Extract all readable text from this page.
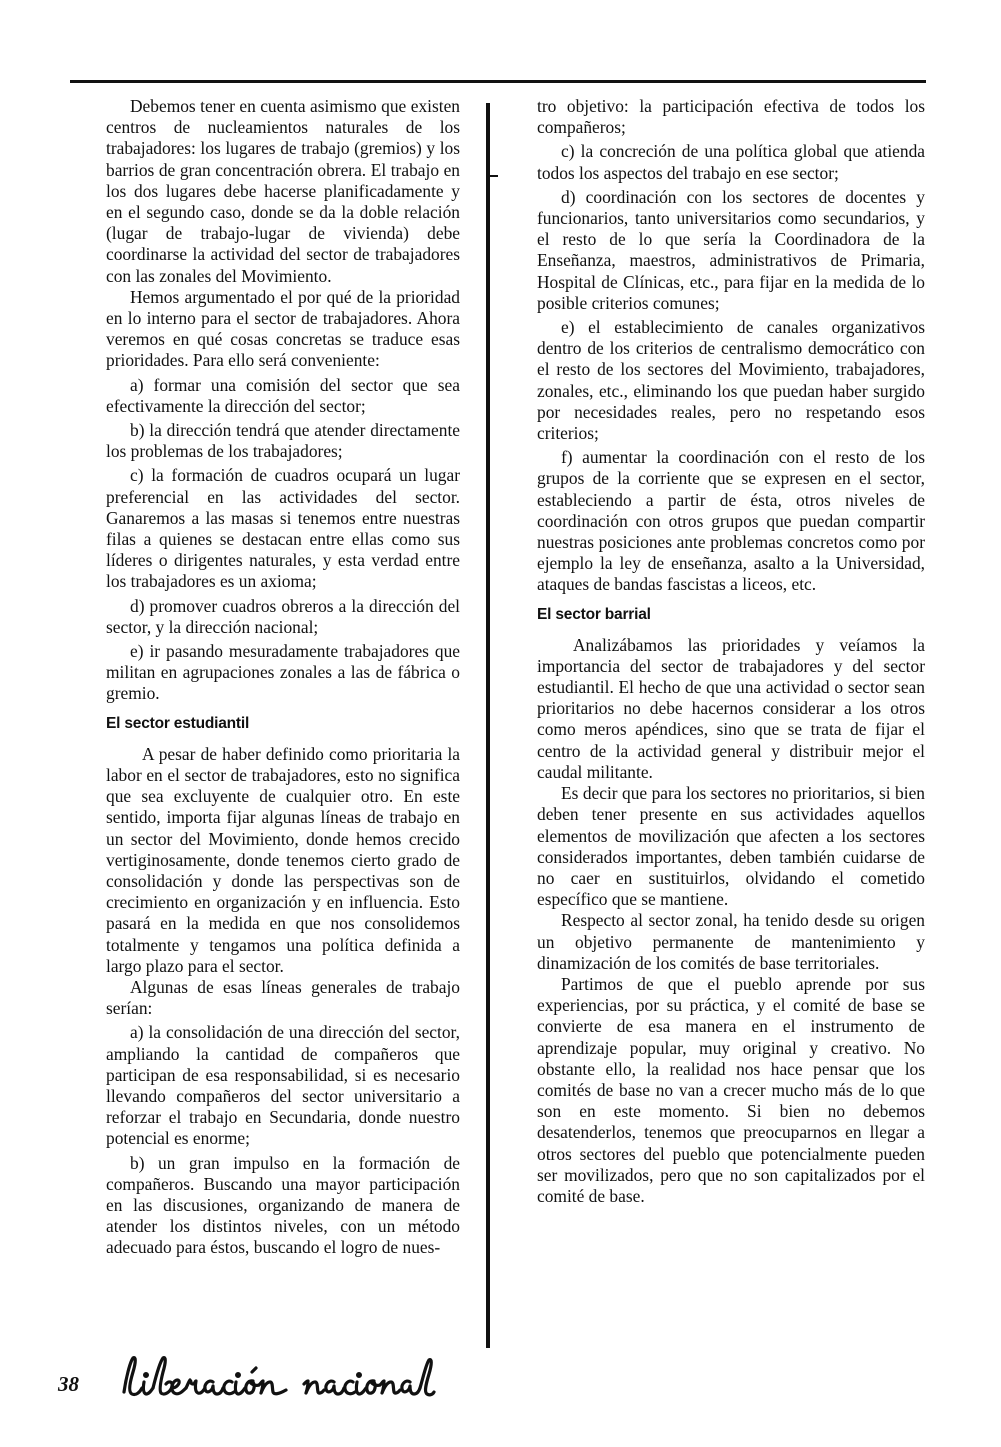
Debemos tener en cuenta asimismo que existen centros de nucleamientos naturales de los trabajadores: los lugares de trabajo (gremios) y los barrios de gran concentración obrera. El trabajo en los dos lugares debe hacerse planificadamente y en el segundo caso, donde se da la doble relación (lugar de trabajo-lugar de vivienda) debe coordinarse la actividad del sector de trabajadores con las zonales del Movimiento.

Hemos argumentado el por qué de la prioridad en lo interno para el sector de trabajadores. Ahora veremos en qué cosas concretas se traduce esas prioridades. Para ello será conveniente:

a) formar una comisión del sector que sea efectivamente la dirección del sector;

b) la dirección tendrá que atender directamente los problemas de los trabajadores;

c) la formación de cuadros ocupará un lugar preferencial en las actividades del sector. Ganaremos a las masas si tenemos entre nuestras filas a quienes se destacan entre ellas como sus líderes o dirigentes naturales, y esta verdad entre los trabajadores es un axioma;

d) promover cuadros obreros a la dirección del sector, y la dirección nacional;

e) ir pasando mesuradamente trabajadores que militan en agrupaciones zonales a las de fábrica o gremio.

El sector estudiantil

A pesar de haber definido como prioritaria la labor en el sector de trabajadores, esto no significa que sea excluyente de cualquier otro. En este sentido, importa fijar algunas líneas de trabajo en un sector del Movimiento, donde hemos crecido vertiginosamente, donde tenemos cierto grado de consolidación y donde las perspectivas son de crecimiento en organización y en influencia. Esto pasará en la medida en que nos consolidemos totalmente y tengamos una política definida a largo plazo para el sector.

Algunas de esas líneas generales de trabajo serían:

a) la consolidación de una dirección del sector, ampliando la cantidad de compañeros que participan de esa responsabilidad, si es necesario llevando compañeros del sector universitario a reforzar el trabajo en Secundaria, donde nuestro potencial es enorme;

b) un gran impulso en la formación de compañeros. Buscando una mayor participación en las discusiones, organizando de manera de atender los distintos niveles, con un método adecuado para éstos, buscando el logro de nues-

tro objetivo: la participación efectiva de todos los compañeros;

c) la concreción de una política global que atienda todos los aspectos del trabajo en ese sector;

d) coordinación con los sectores de docentes y funcionarios, tanto universitarios como secundarios, y el resto de lo que sería la Coordinadora de la Enseñanza, maestros, administrativos de Primaria, Hospital de Clínicas, etc., para fijar en la medida de lo posible criterios comunes;

e) el establecimiento de canales organizativos dentro de los criterios de centralismo democrático con el resto de los sectores del Movimiento, trabajadores, zonales, etc., eliminando los que puedan haber surgido por necesidades reales, pero no respetando esos criterios;

f) aumentar la coordinación con el resto de los grupos de la corriente que se expresen en el sector, estableciendo a partir de ésta, otros niveles de coordinación con otros grupos que puedan compartir nuestras posiciones ante problemas concretos como por ejemplo la ley de enseñanza, asalto a la Universidad, ataques de bandas fascistas a liceos, etc.

El sector barrial

Analizábamos las prioridades y veíamos la importancia del sector de trabajadores y del sector estudiantil. El hecho de que una actividad o sector sean prioritarios no debe hacernos considerar a los otros como meros apéndices, sino que se trata de fijar el centro de la actividad general y distribuir mejor el caudal militante.

Es decir que para los sectores no prioritarios, si bien deben tener presente en sus actividades aquellos elementos de movilización que afecten a los sectores considerados importantes, deben también cuidarse de no caer en sustituirlos, olvidando el cometido específico que se mantiene.

Respecto al sector zonal, ha tenido desde su origen un objetivo permanente de mantenimiento y dinamización de los comités de base territoriales.

Partimos de que el pueblo aprende por sus experiencias, por su práctica, y el comité de base se convierte de esa manera en el instrumento de aprendizaje popular, muy original y creativo. No obstante ello, la realidad nos hace pensar que los comités de base no van a crecer mucho más de lo que son en este momento. Si bien no debemos desatenderlos, tenemos que preocuparnos en llegar a otros sectores del pueblo que potencialmente pueden ser movilizados, pero que no son capitalizados por el comité de base.

38
